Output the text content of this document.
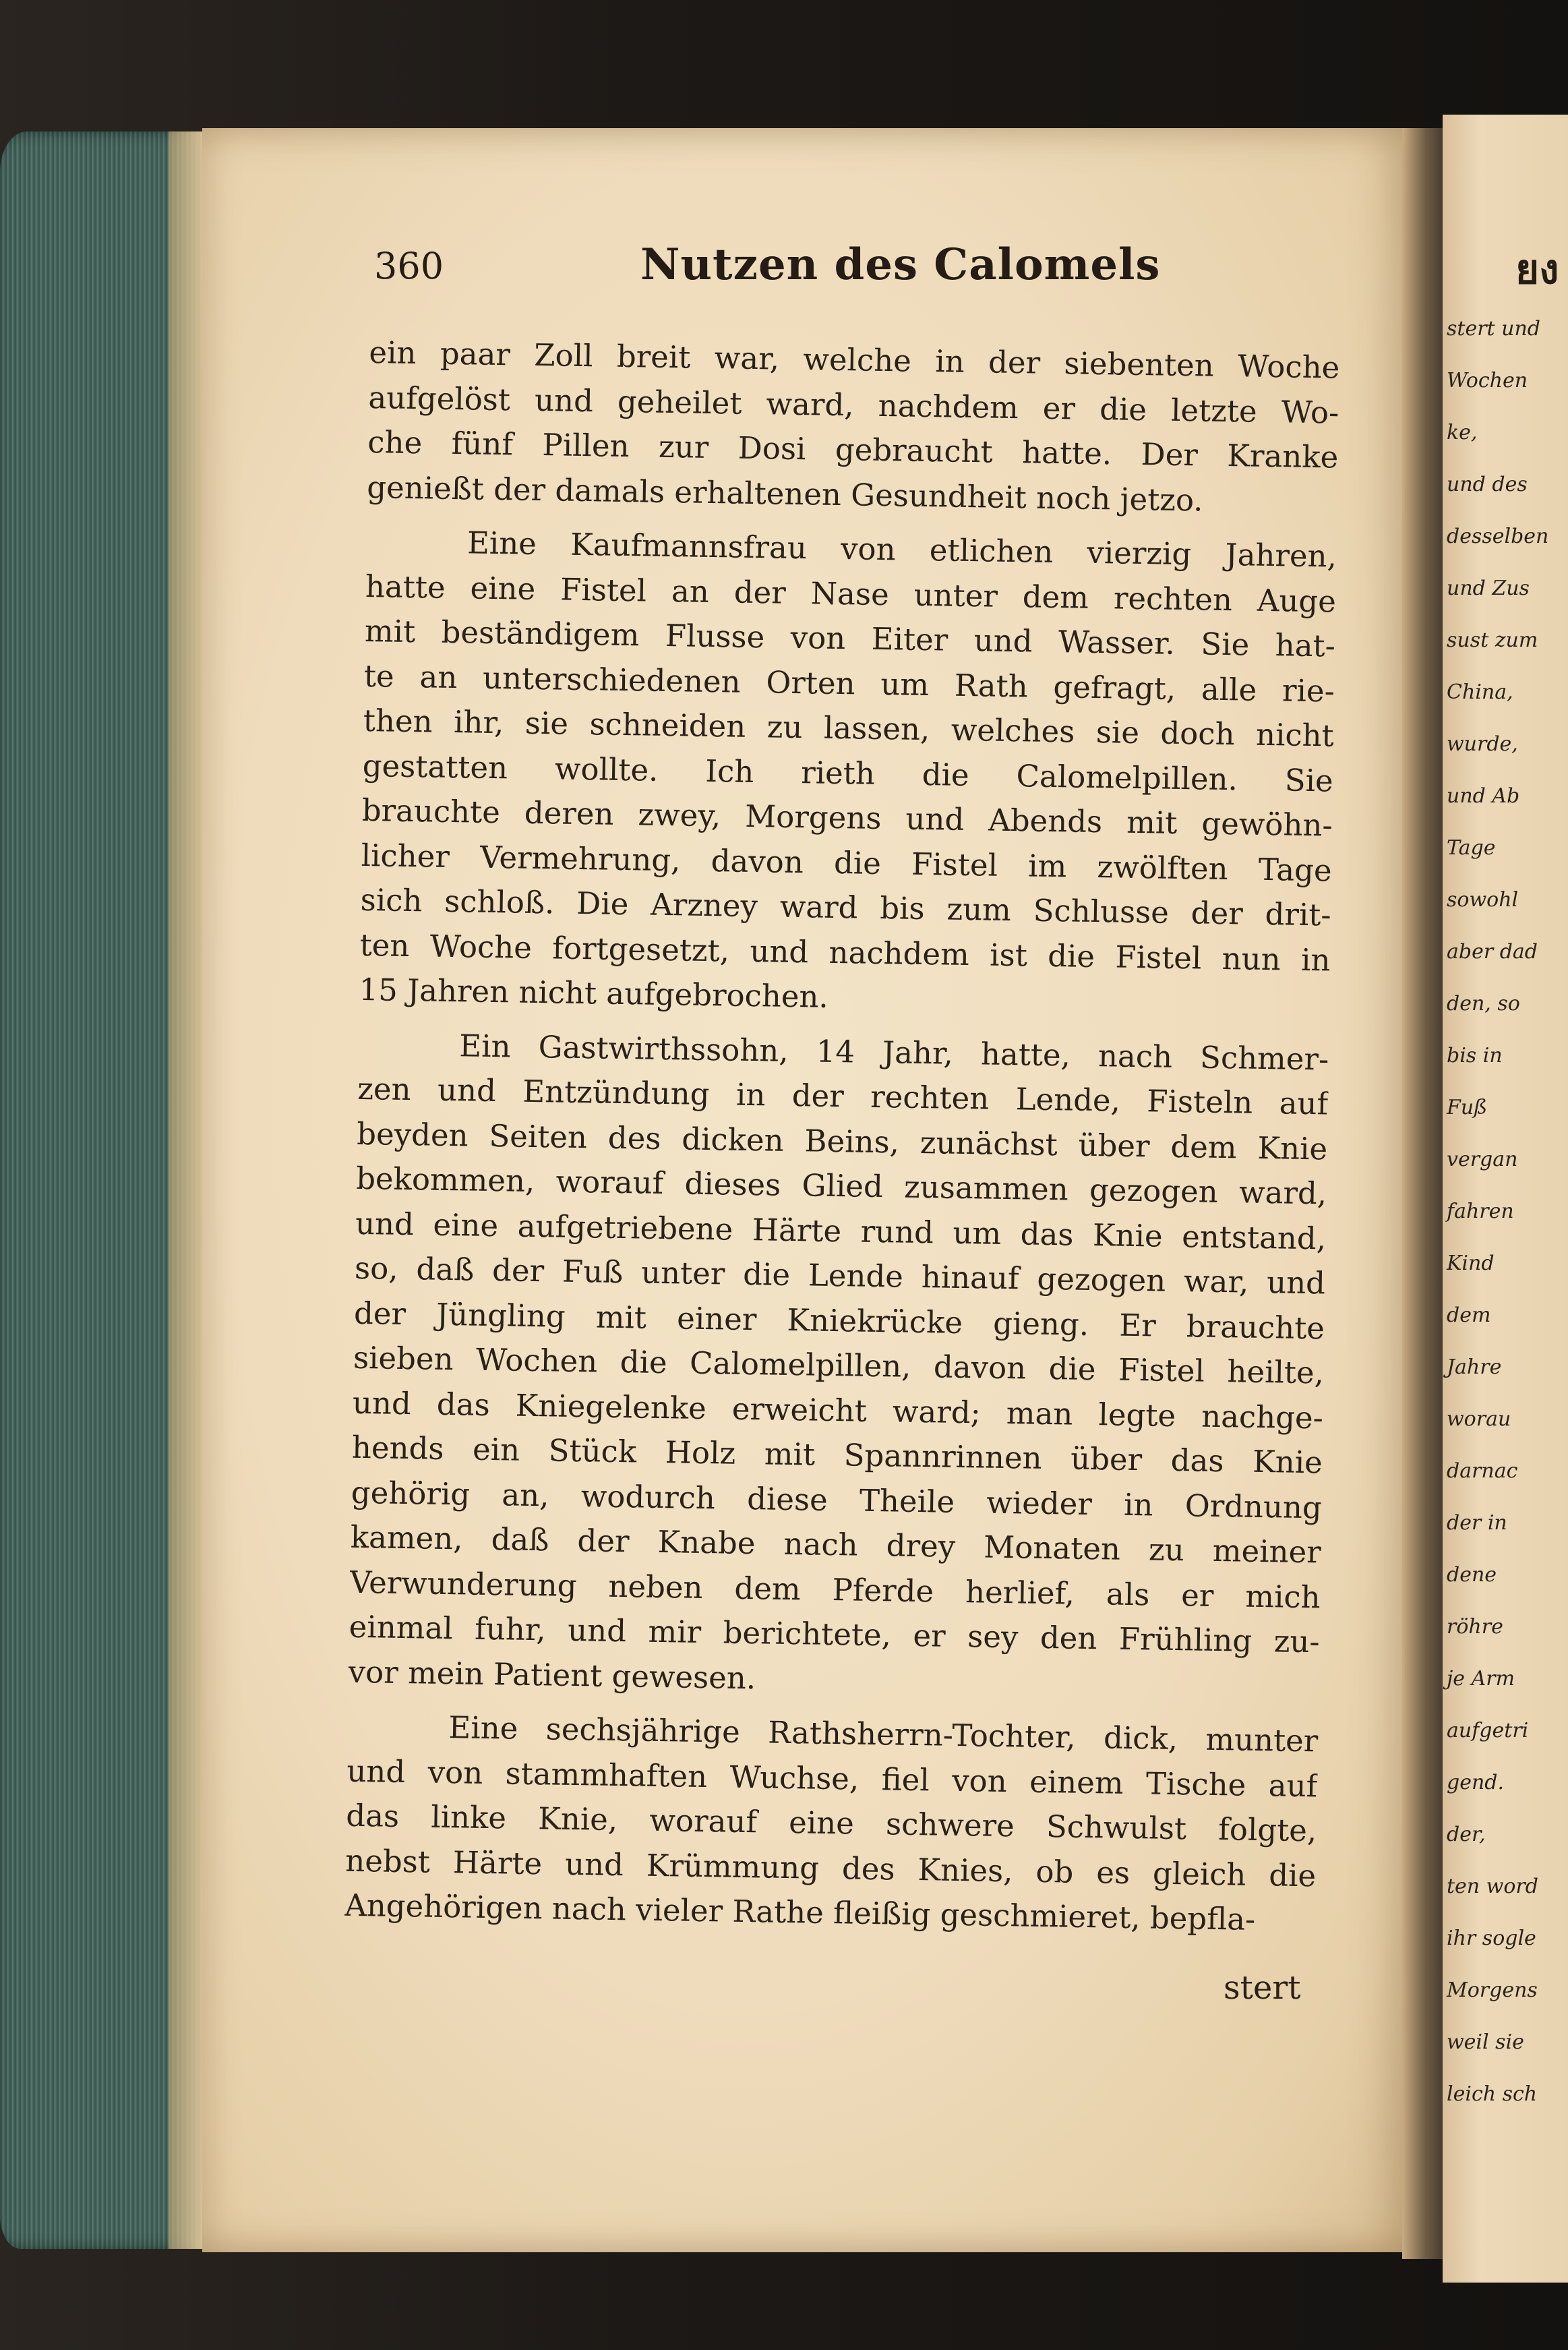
stert und
Wochen
ke,
und des
desselben
und Zus
sust zum
China,
wurde,
und Ab
Tage
sowohl
aber dad
den, so
bis in
Fuß
vergan
fahren
Kind
dem
Jahre
worau
darnac
der in
dene
röhre
je Arm
aufgetri
gend.
der,
ten word
ihr sogle
Morgens
weil sie
leich sch
360	Nutzen des Calomels	ยง
ein paar Zoll breit war, welche in der siebenten Woche
aufgelöst und geheilet ward, nachdem er die letzte Wo-
che fünf Pillen zur Dosi gebraucht hatte. Der Kranke
genießt der damals erhaltenen Gesundheit noch jetzo.
Eine Kaufmannsfrau von etlichen vierzig Jahren,
hatte eine Fistel an der Nase unter dem rechten Auge
mit beständigem Flusse von Eiter und Wasser. Sie hat-
te an unterschiedenen Orten um Rath gefragt, alle rie-
then ihr, sie schneiden zu lassen, welches sie doch nicht
gestatten wollte. Ich rieth die Calomelpillen. Sie
brauchte deren zwey, Morgens und Abends mit gewöhn-
licher Vermehrung, davon die Fistel im zwölften Tage
sich schloß. Die Arzney ward bis zum Schlusse der drit-
ten Woche fortgesetzt, und nachdem ist die Fistel nun in
15 Jahren nicht aufgebrochen.
Ein Gastwirthssohn, 14 Jahr, hatte, nach Schmer-
zen und Entzündung in der rechten Lende, Fisteln auf
beyden Seiten des dicken Beins, zunächst über dem Knie
bekommen, worauf dieses Glied zusammen gezogen ward,
und eine aufgetriebene Härte rund um das Knie entstand,
so, daß der Fuß unter die Lende hinauf gezogen war, und
der Jüngling mit einer Kniekrücke gieng. Er brauchte
sieben Wochen die Calomelpillen, davon die Fistel heilte,
und das Kniegelenke erweicht ward; man legte nachge-
hends ein Stück Holz mit Spannrinnen über das Knie
gehörig an, wodurch diese Theile wieder in Ordnung
kamen, daß der Knabe nach drey Monaten zu meiner
Verwunderung neben dem Pferde herlief, als er mich
einmal fuhr, und mir berichtete, er sey den Frühling zu-
vor mein Patient gewesen.
Eine sechsjährige Rathsherrn-Tochter, dick, munter
und von stammhaften Wuchse, fiel von einem Tische auf
das linke Knie, worauf eine schwere Schwulst folgte,
nebst Härte und Krümmung des Knies, ob es gleich die
Angehörigen nach vieler Rathe fleißig geschmieret, bepfla-
stert
